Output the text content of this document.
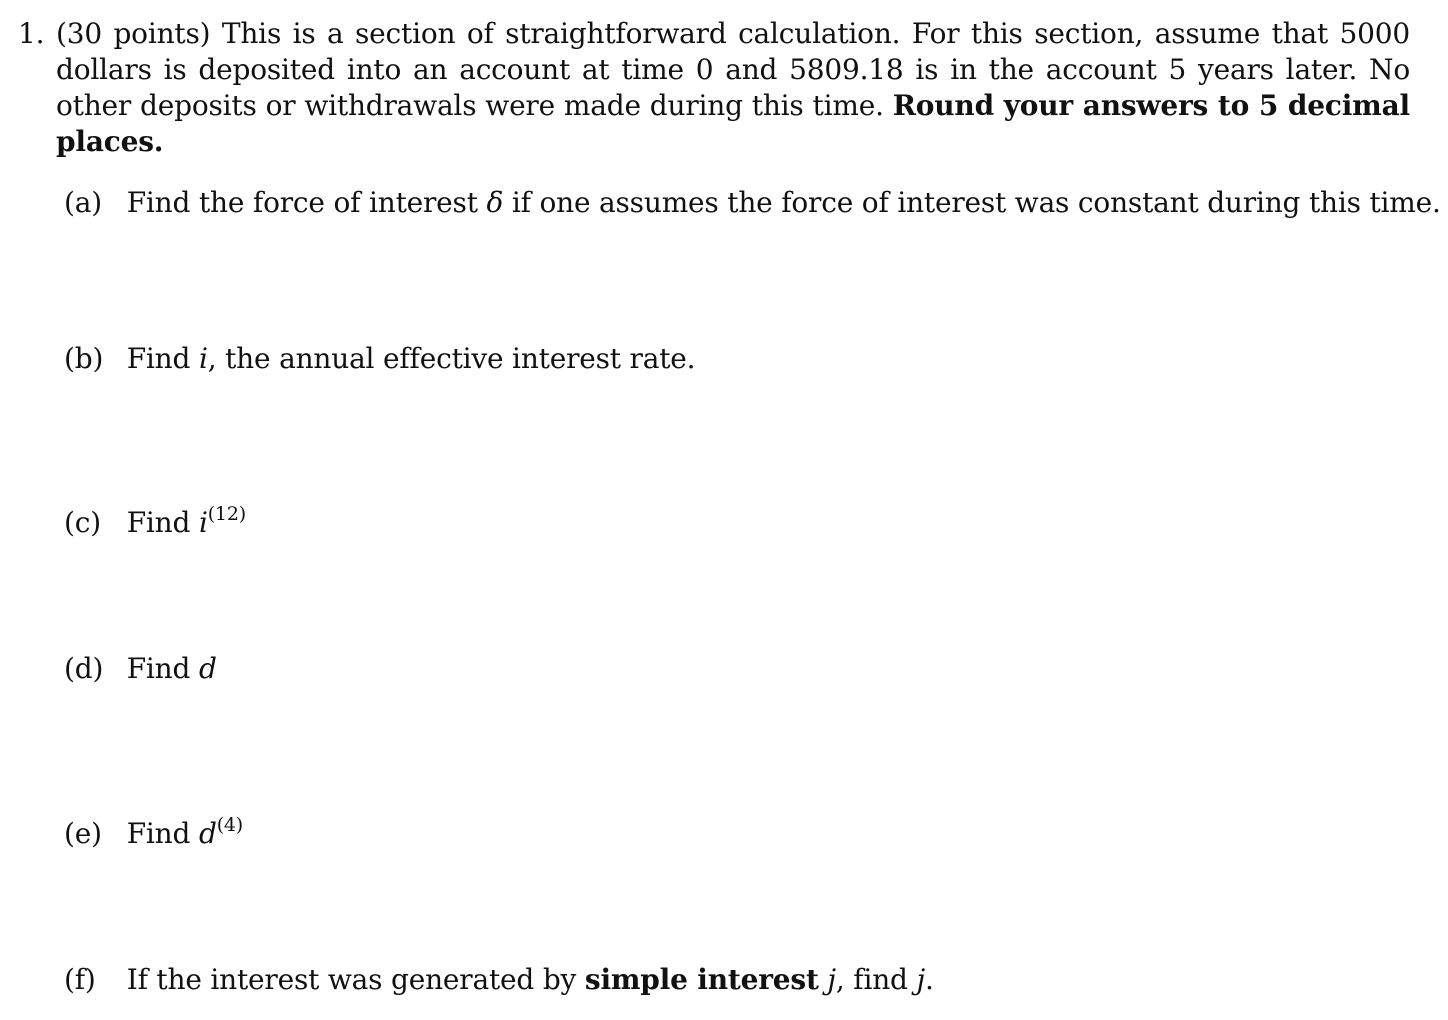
1. (30 points) This is a section of straightforward calculation. For this section, assume that 5000 dollars is deposited into an account at time 0 and 5809.18 is in the account 5 years later. No other deposits or withdrawals were made during this time. Round your answers to 5 decimal places.
(a) Find the force of interest δ if one assumes the force of interest was constant during this time.
(b) Find i, the annual effective interest rate.
(c) Find $i^{(12)}$
(d) Find d
(e) Find $d^{(4)}$
(f) If the interest was generated by simple interest j, find j.
